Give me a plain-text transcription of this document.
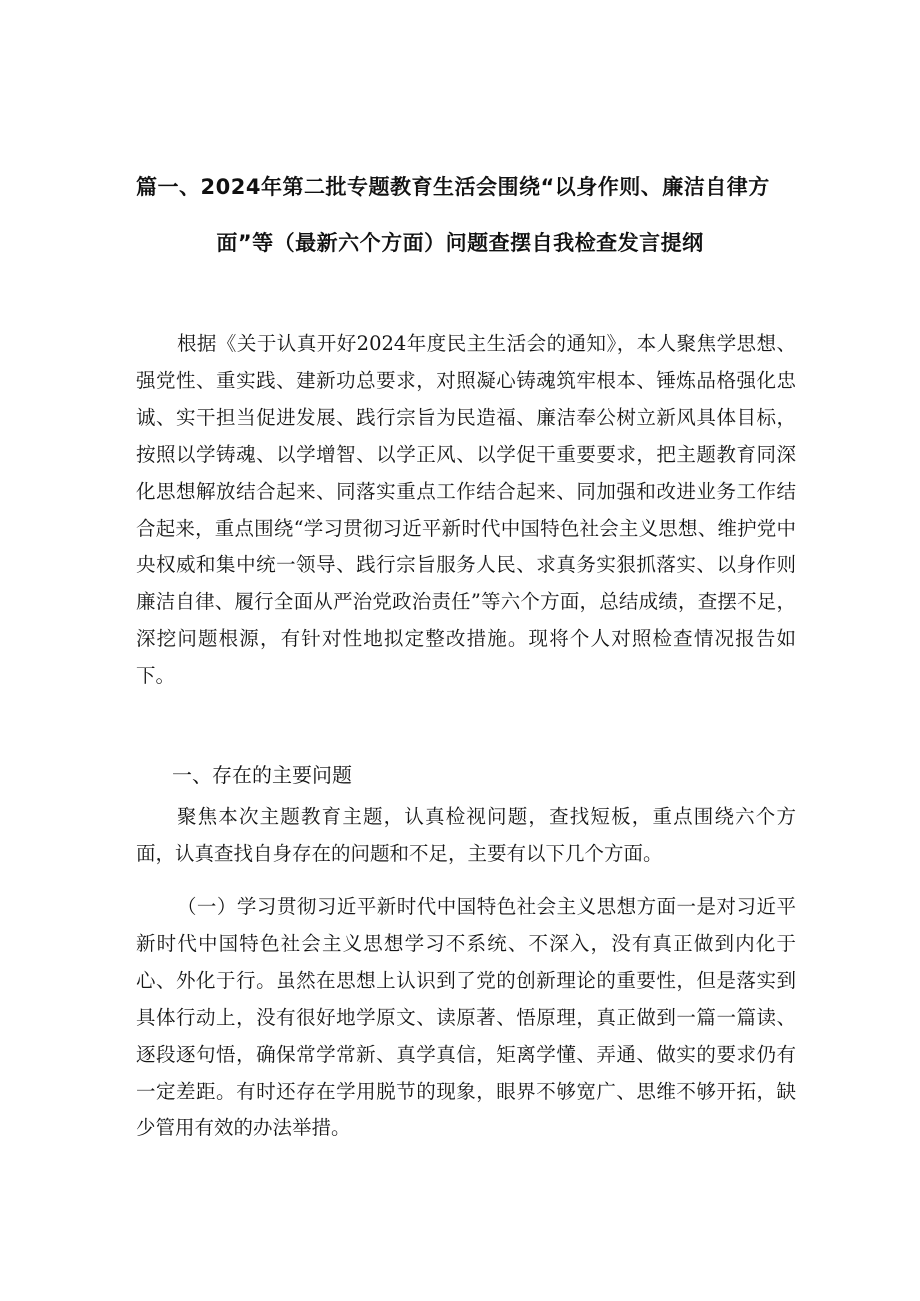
篇一、2024年第二批专题教育生活会围绕“以身作则、廉洁自律方
面”等（最新六个方面）问题查摆自我检查发言提纲

根据《关于认真开好2024年度民主生活会的通知》，本人聚焦学思想、强党性、重实践、建新功总要求，对照凝心铸魂筑牢根本、锤炼品格强化忠诚、实干担当促进发展、践行宗旨为民造福、廉洁奉公树立新风具体目标，按照以学铸魂、以学增智、以学正风、以学促干重要要求，把主题教育同深化思想解放结合起来、同落实重点工作结合起来、同加强和改进业务工作结合起来，重点围绕“学习贯彻习近平新时代中国特色社会主义思想、维护党中央权威和集中统一领导、践行宗旨服务人民、求真务实狠抓落实、以身作则廉洁自律、履行全面从严治党政治责任”等六个方面，总结成绩，查摆不足，深挖问题根源，有针对性地拟定整改措施。现将个人对照检查情况报告如下。

一、存在的主要问题

聚焦本次主题教育主题，认真检视问题，查找短板，重点围绕六个方面，认真查找自身存在的问题和不足，主要有以下几个方面。

（一）学习贯彻习近平新时代中国特色社会主义思想方面一是对习近平新时代中国特色社会主义思想学习不系统、不深入，没有真正做到内化于心、外化于行。虽然在思想上认识到了党的创新理论的重要性，但是落实到具体行动上，没有很好地学原文、读原著、悟原理，真正做到一篇一篇读、逐段逐句悟，确保常学常新、真学真信，矩离学懂、弄通、做实的要求仍有一定差距。有时还存在学用脱节的现象，眼界不够宽广、思维不够开拓，缺少管用有效的办法举措。
